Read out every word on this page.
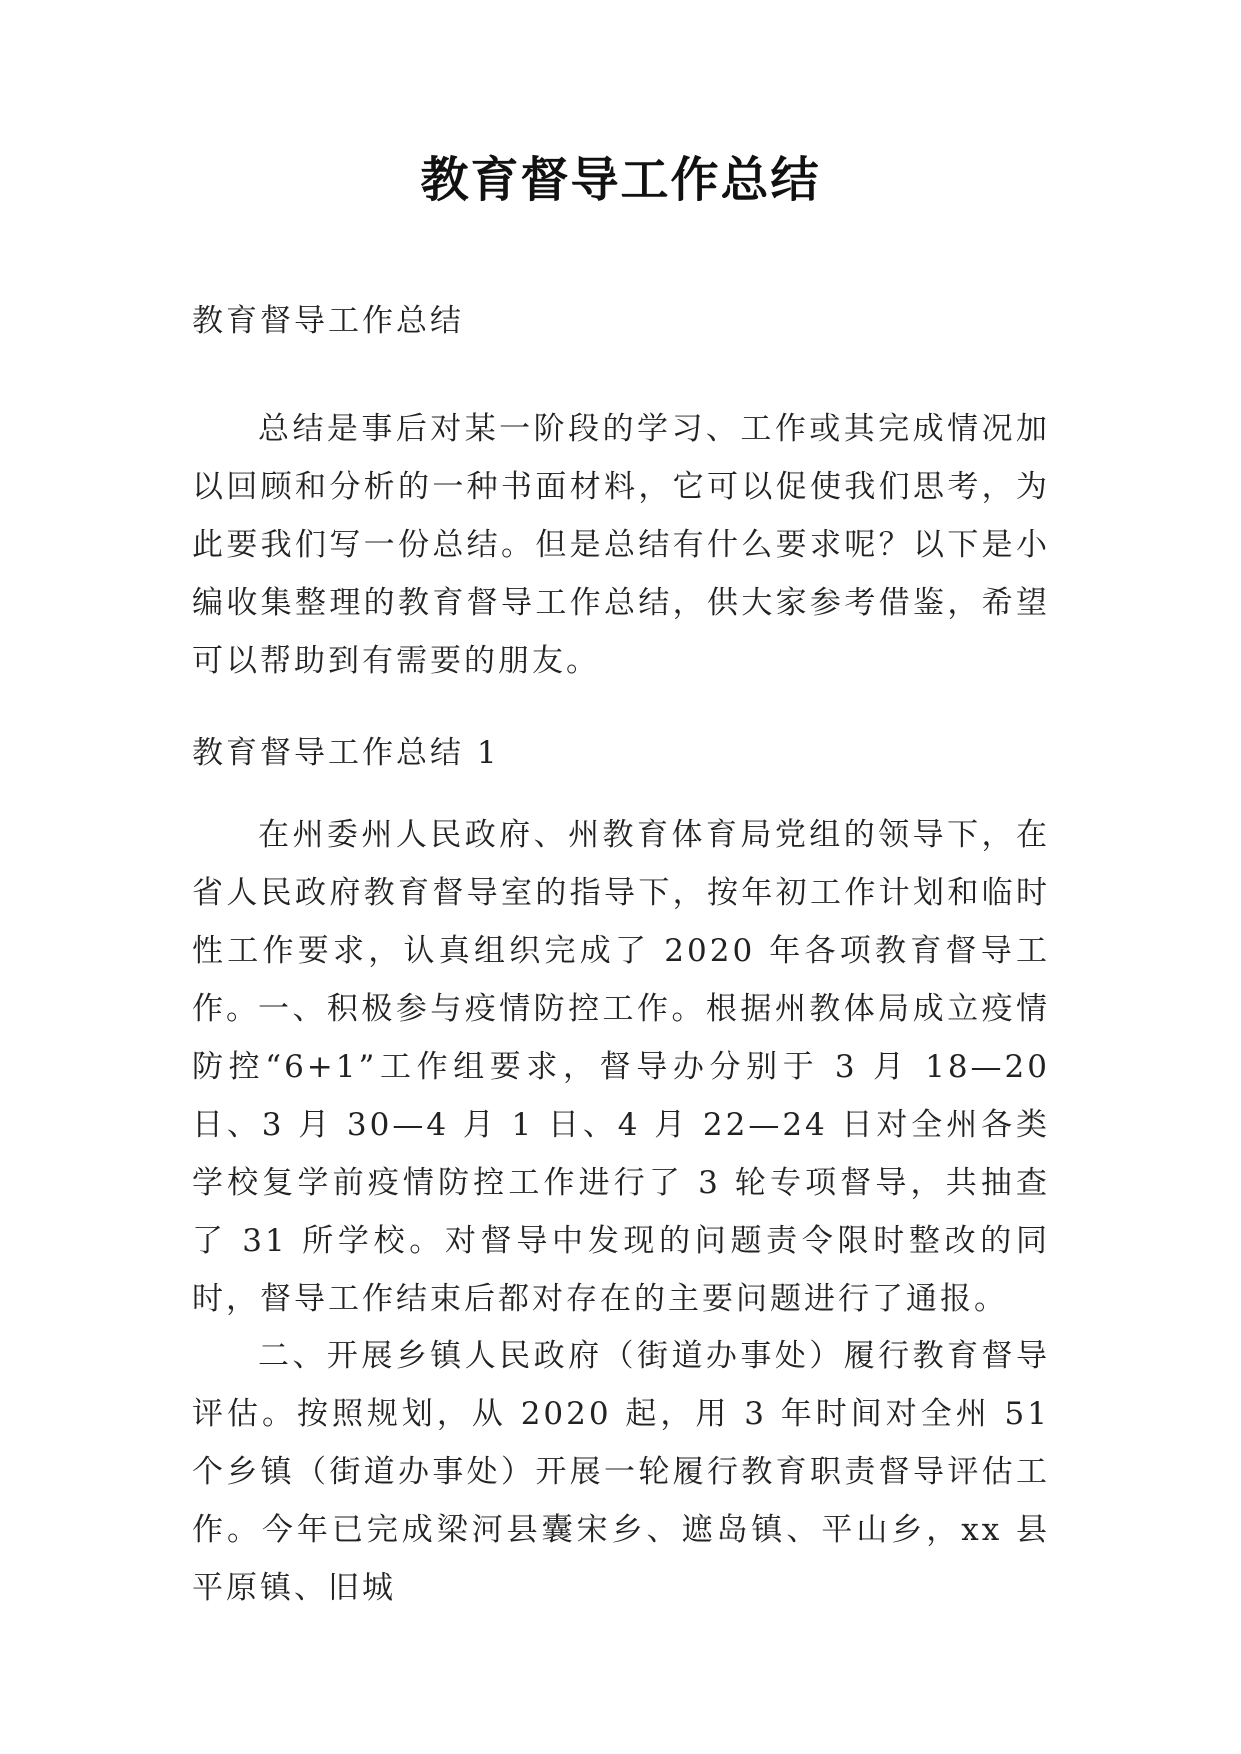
教育督导工作总结
教育督导工作总结
总结是事后对某一阶段的学习、工作或其完成情况加以回顾和分析的一种书面材料，它可以促使我们思考，为此要我们写一份总结。但是总结有什么要求呢？以下是小编收集整理的教育督导工作总结，供大家参考借鉴，希望可以帮助到有需要的朋友。
教育督导工作总结 1
在州委州人民政府、州教育体育局党组的领导下，在省人民政府教育督导室的指导下，按年初工作计划和临时性工作要求，认真组织完成了 2020 年各项教育督导工作。
一、积极参与疫情防控工作。根据州教体局成立疫情防控“6+1”工作组要求，督导办分别于 3 月 18—20 日、3 月 30—4 月 1 日、4 月 22—24 日对全州各类学校复学前疫情防控工作进行了 3 轮专项督导，共抽查了 31 所学校。对督导中发现的问题责令限时整改的同时，督导工作结束后都对存在的主要问题进行了通报。
二、开展乡镇人民政府（街道办事处）履行教育督导评估。按照规划，从 2020 起，用 3 年时间对全州 51 个乡镇（街道办事处）开展一轮履行教育职责督导评估工作。今年已完成梁河县囊宋乡、遮岛镇、平山乡，xx 县平原镇、旧城
